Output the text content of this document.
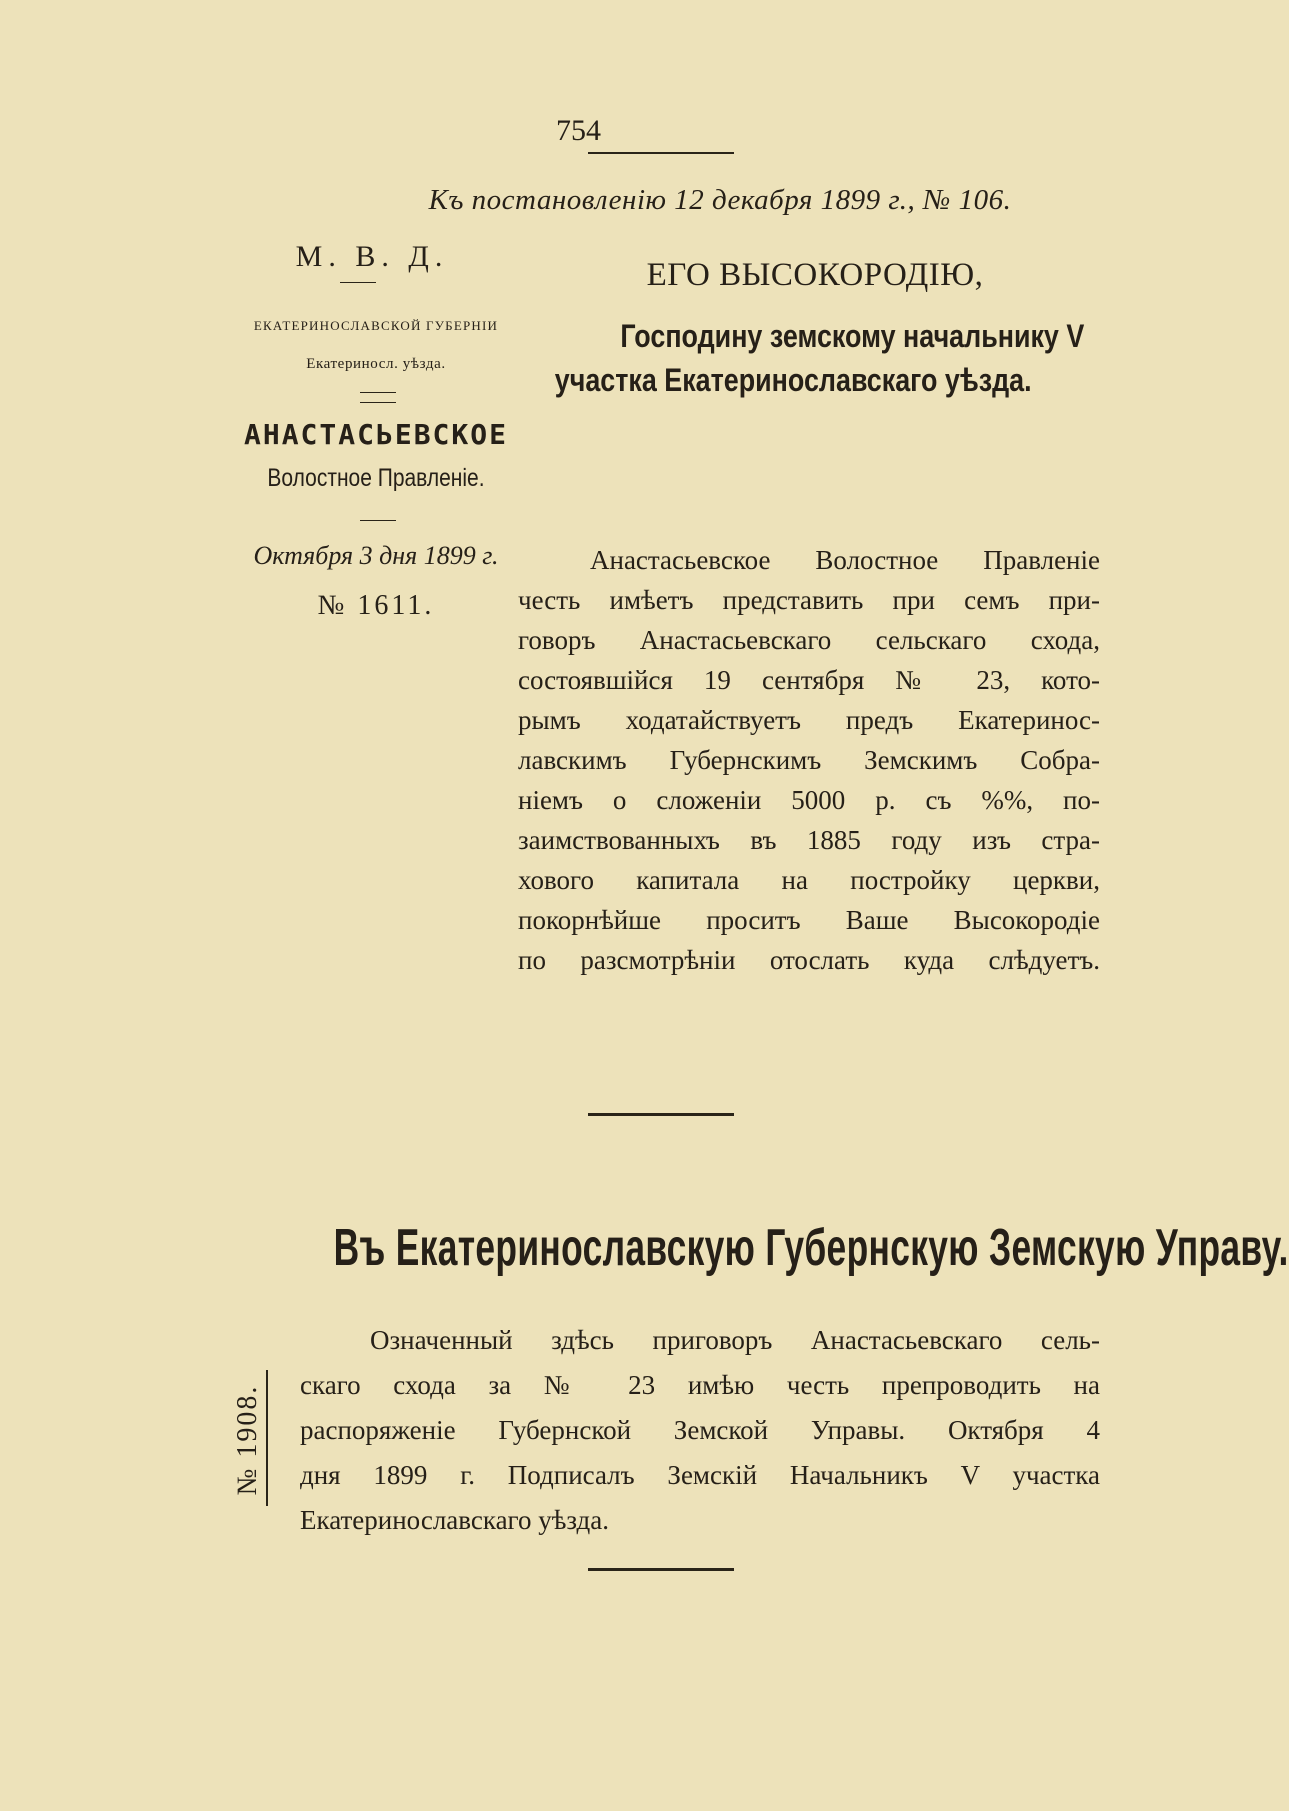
754
Къ постановленію 12 декабря 1899 г., № 106.
М. В. Д.
ЕКАТЕРИНОСЛАВСКОЙ ГУБЕРНІИ
Екатериносл. уѣзда.
АНАСТАСЬЕВСКОЕ
Волостное Правленіе.
Октября 3 дня 1899 г.
№ 1611.
ЕГО ВЫСОКОРОДІЮ,
Господину земскому начальнику V
участка Екатеринославскаго уѣзда.
Анастасьевское Волостное Правленіе
честь имѣетъ представить при семъ при-
говоръ Анастасьевскаго сельскаго схода,
состоявшійся 19 сентября № 23, кото-
рымъ ходатайствуетъ предъ Екатеринос-
лавскимъ Губернскимъ Земскимъ Собра-
ніемъ о сложеніи 5000 р. съ %%, по-
заимствованныхъ въ 1885 году изъ стра-
хового капитала на постройку церкви,
покорнѣйше проситъ Ваше Высокородіе
по разсмотрѣніи отослать куда слѣдуетъ.
Въ Екатеринославскую Губернскую Земскую Управу.
№ 1908.
Означенный здѣсь приговоръ Анастасьевскаго сель-
скаго схода за № 23 имѣю честь препроводить на
распоряженіе Губернской Земской Управы. Октября 4
дня 1899 г. Подписалъ Земскій Начальникъ V участка
Екатеринославскаго уѣзда.
